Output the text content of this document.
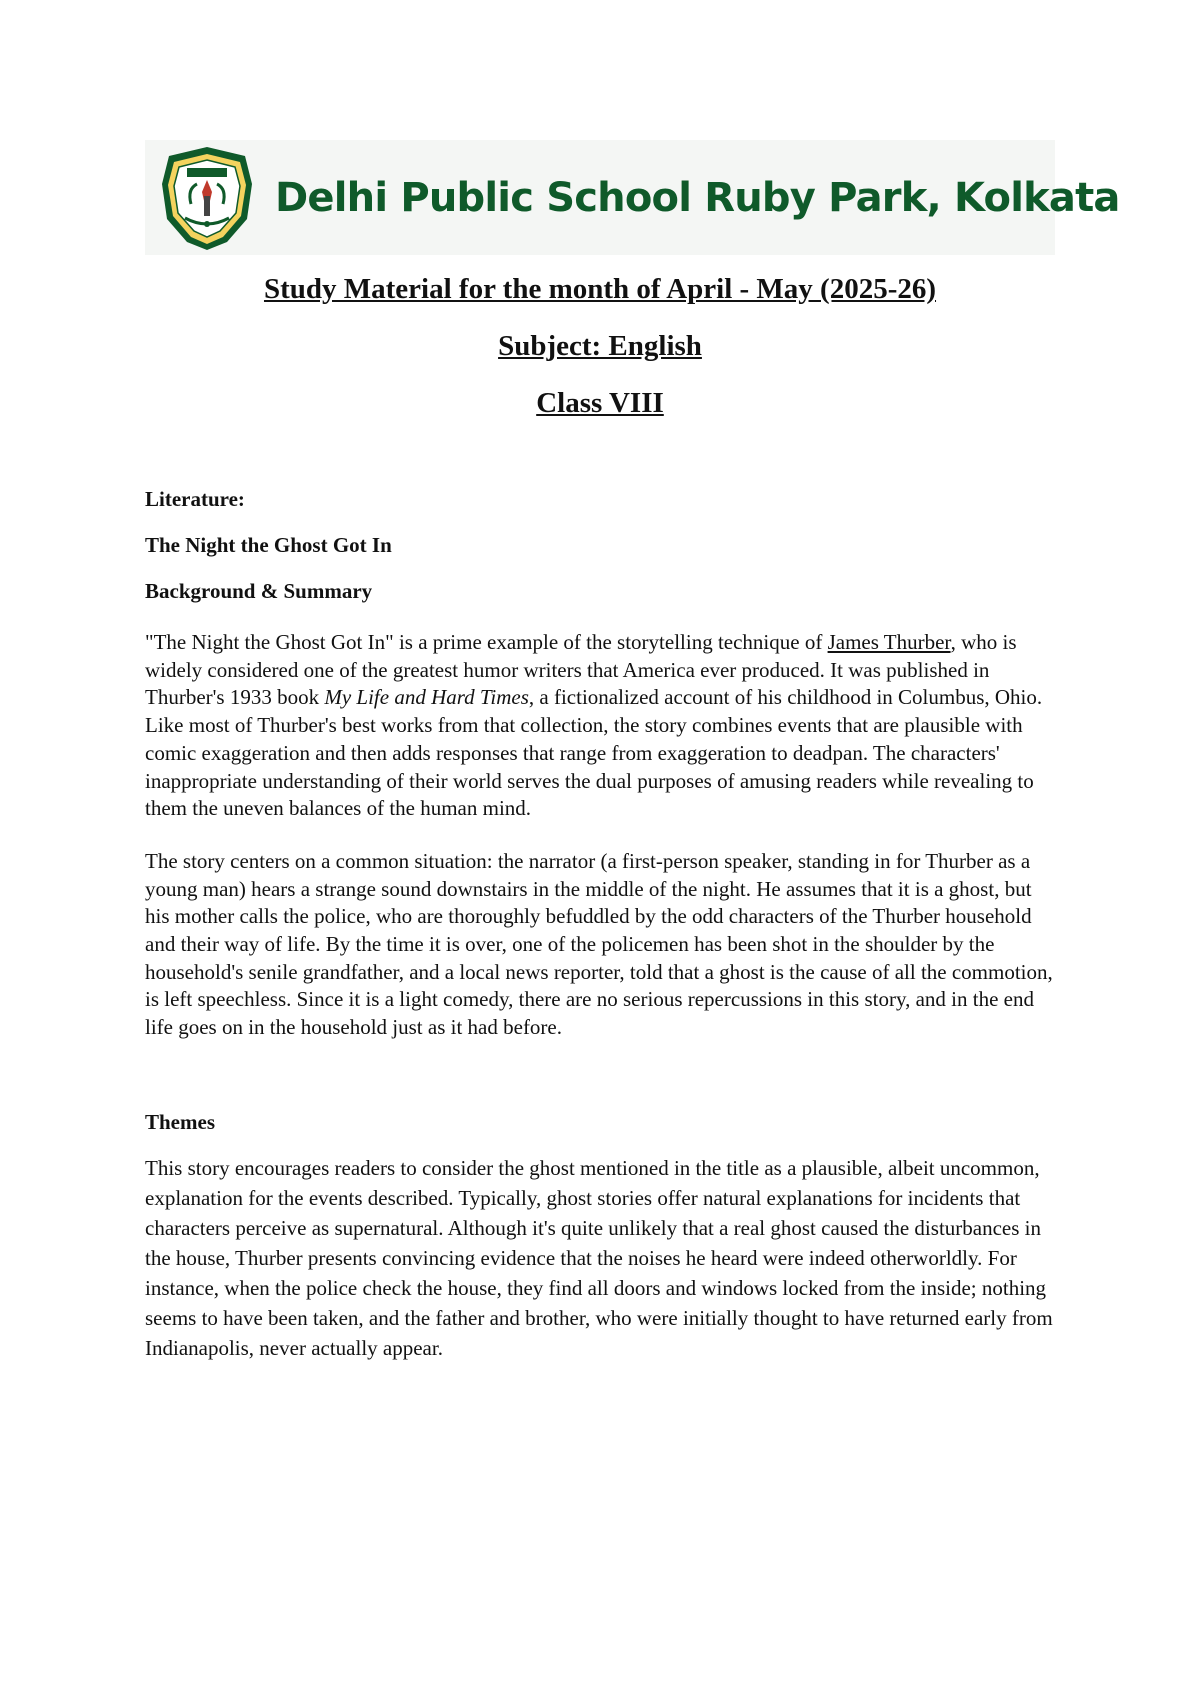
Delhi Public School Ruby Park, Kolkata

Study Material for the month of April - May (2025-26)

Subject: English

Class VIII

Literature:

The Night the Ghost Got In

Background & Summary

"The Night the Ghost Got In" is a prime example of the storytelling technique of James Thurber, who is widely considered one of the greatest humor writers that America ever produced. It was published in Thurber's 1933 book My Life and Hard Times, a fictionalized account of his childhood in Columbus, Ohio. Like most of Thurber's best works from that collection, the story combines events that are plausible with comic exaggeration and then adds responses that range from exaggeration to deadpan. The characters' inappropriate understanding of their world serves the dual purposes of amusing readers while revealing to them the uneven balances of the human mind.

The story centers on a common situation: the narrator (a first-person speaker, standing in for Thurber as a young man) hears a strange sound downstairs in the middle of the night. He assumes that it is a ghost, but his mother calls the police, who are thoroughly befuddled by the odd characters of the Thurber household and their way of life. By the time it is over, one of the policemen has been shot in the shoulder by the household's senile grandfather, and a local news reporter, told that a ghost is the cause of all the commotion, is left speechless. Since it is a light comedy, there are no serious repercussions in this story, and in the end life goes on in the household just as it had before.

Themes

This story encourages readers to consider the ghost mentioned in the title as a plausible, albeit uncommon, explanation for the events described. Typically, ghost stories offer natural explanations for incidents that characters perceive as supernatural. Although it's quite unlikely that a real ghost caused the disturbances in the house, Thurber presents convincing evidence that the noises he heard were indeed otherworldly. For instance, when the police check the house, they find all doors and windows locked from the inside; nothing seems to have been taken, and the father and brother, who were initially thought to have returned early from Indianapolis, never actually appear.
